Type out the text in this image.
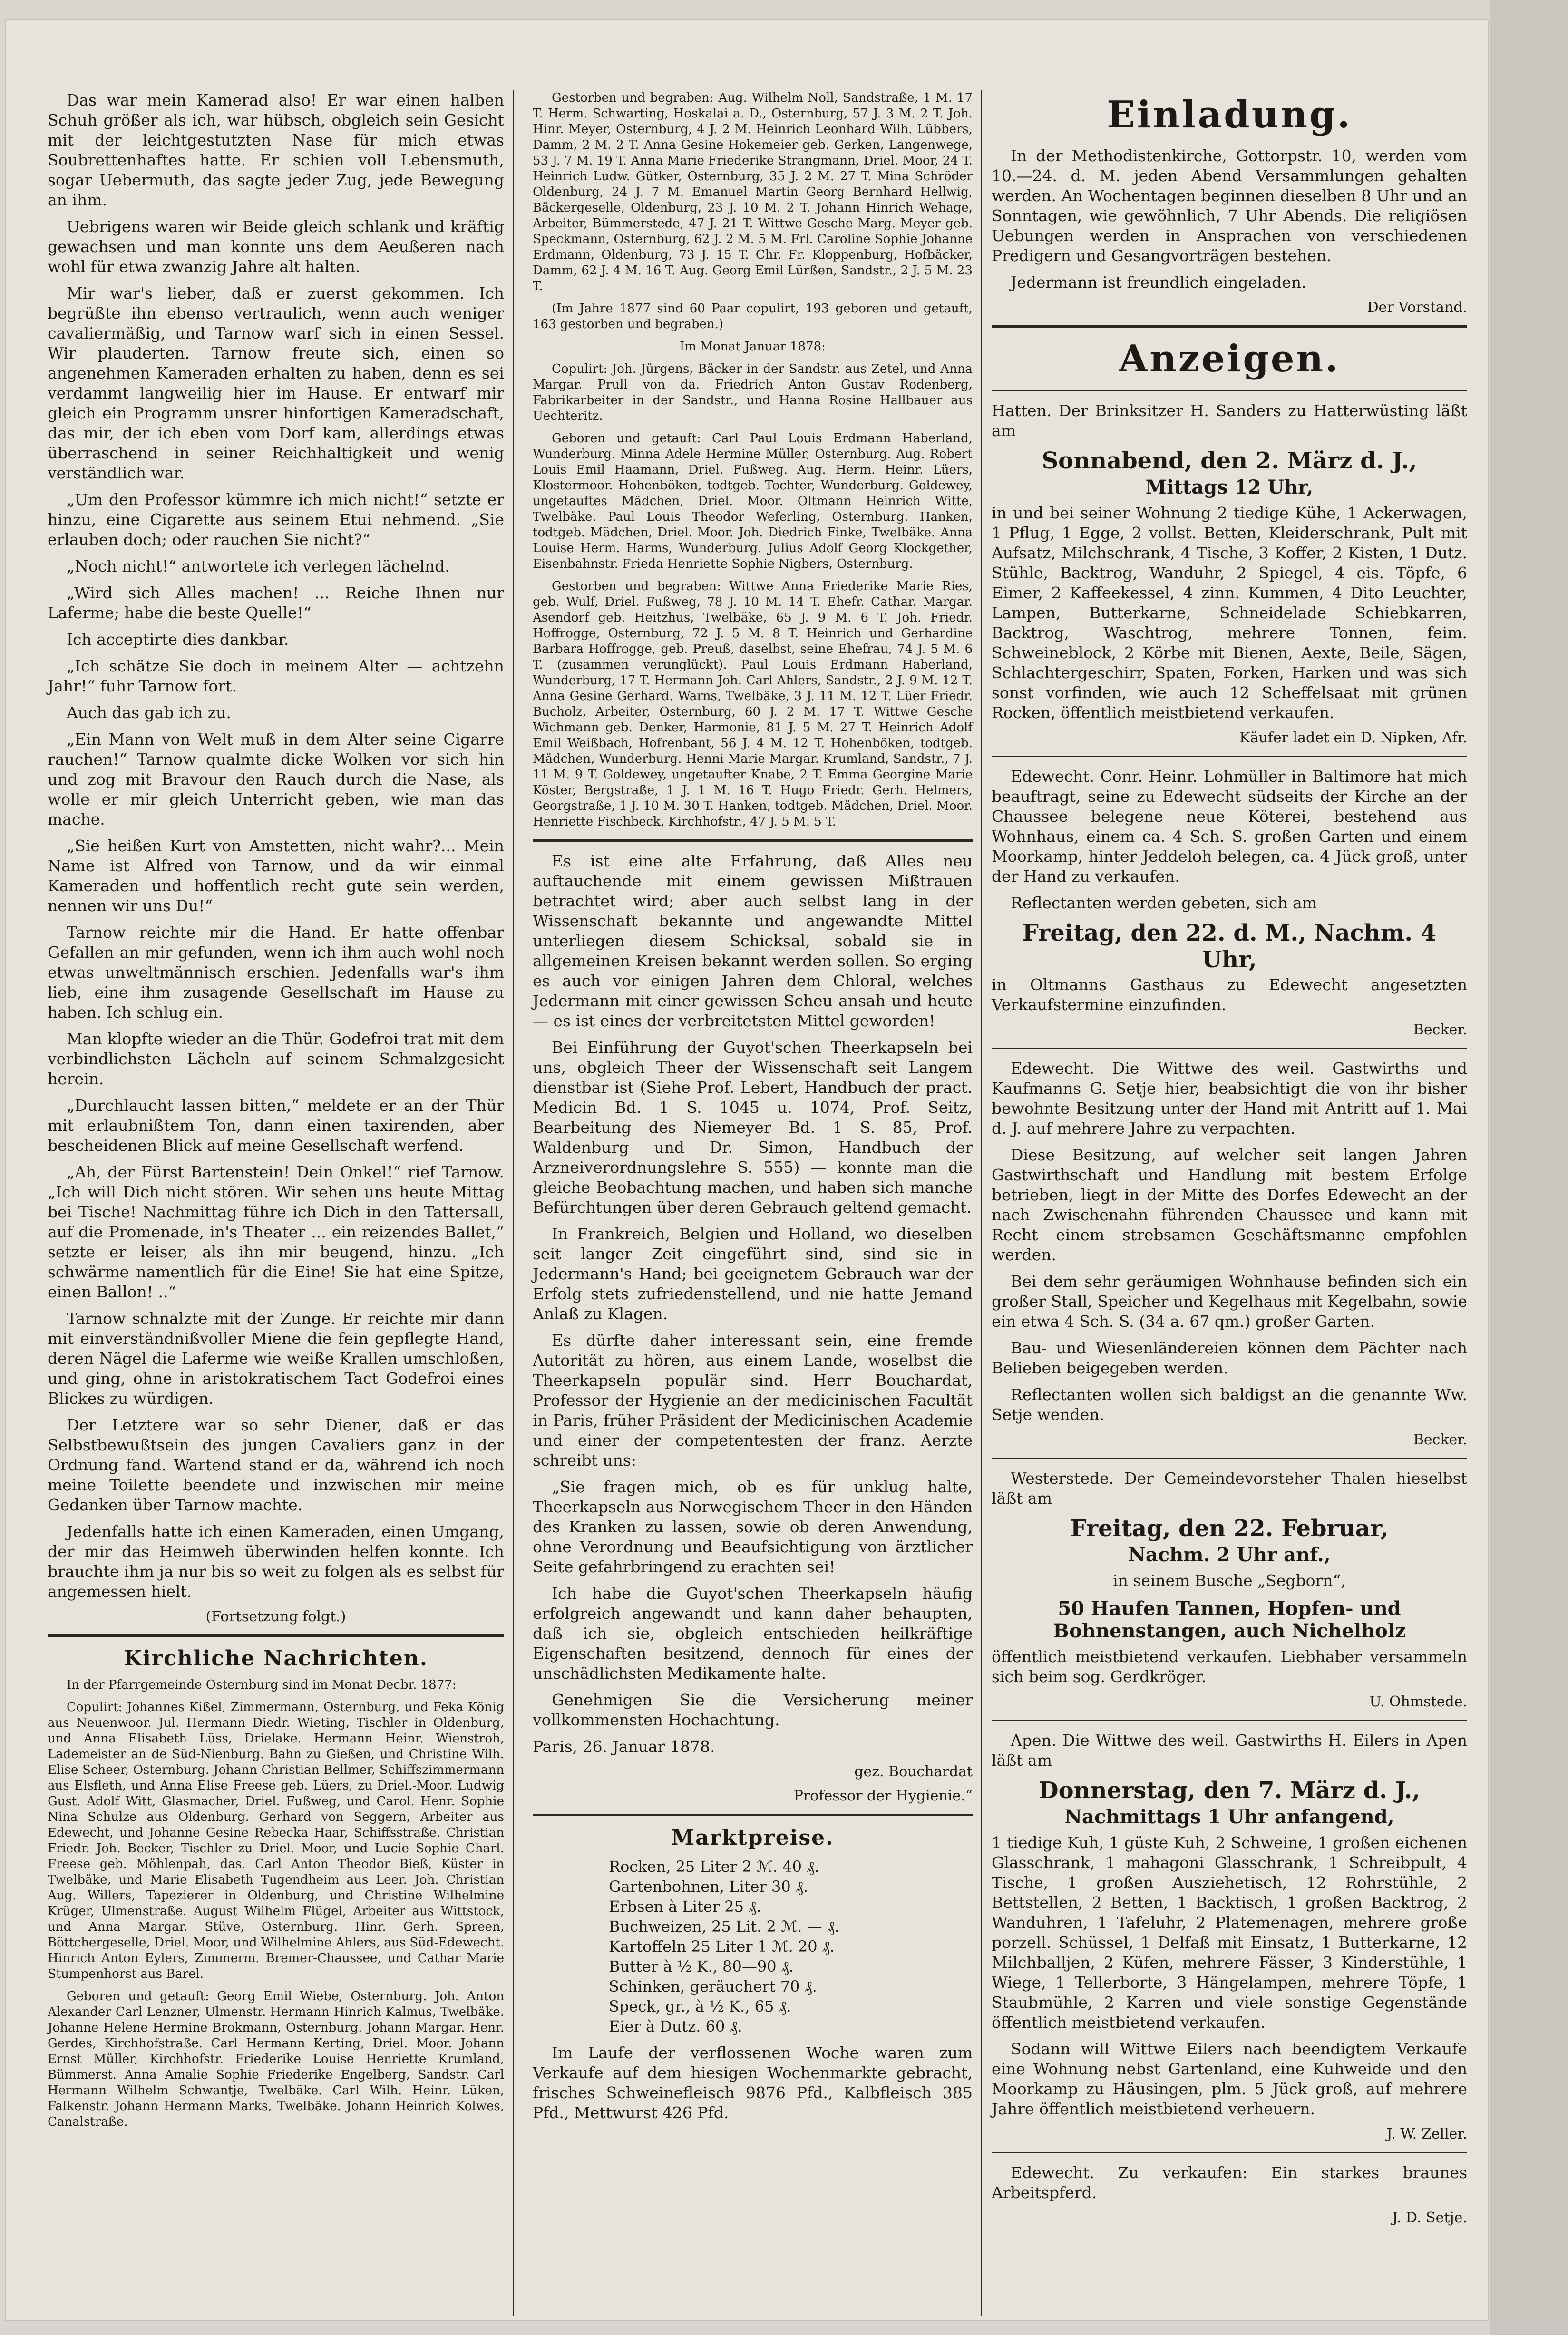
Das war mein Kamerad also! Er war einen halben Schuh größer als ich, war hübsch, obgleich sein Gesicht mit der leichtgestutzten Nase für mich etwas Soubrettenhaftes hatte. Er schien voll Lebensmuth, sogar Uebermuth, das sagte jeder Zug, jede Bewegung an ihm.

Uebrigens waren wir Beide gleich schlank und kräftig gewachsen und man konnte uns dem Aeußeren nach wohl für etwa zwanzig Jahre alt halten.

Mir war's lieber, daß er zuerst gekommen. Ich begrüßte ihn ebenso vertraulich, wenn auch weniger cavaliermäßig, und Tarnow warf sich in einen Sessel. Wir plauderten. Tarnow freute sich, einen so angenehmen Kameraden erhalten zu haben, denn es sei verdammt langweilig hier im Hause. Er entwarf mir gleich ein Programm unsrer hinfortigen Kameradschaft, das mir, der ich eben vom Dorf kam, allerdings etwas überraschend in seiner Reichhaltigkeit und wenig verständlich war.

„Um den Professor kümmre ich mich nicht!“ setzte er hinzu, eine Cigarette aus seinem Etui nehmend. „Sie erlauben doch; oder rauchen Sie nicht?“

„Noch nicht!“ antwortete ich verlegen lächelnd.

„Wird sich Alles machen! ... Reiche Ihnen nur Laferme; habe die beste Quelle!“

Ich acceptirte dies dankbar.

„Ich schätze Sie doch in meinem Alter — achtzehn Jahr!“ fuhr Tarnow fort.

Auch das gab ich zu.

„Ein Mann von Welt muß in dem Alter seine Cigarre rauchen!“ Tarnow qualmte dicke Wolken vor sich hin und zog mit Bravour den Rauch durch die Nase, als wolle er mir gleich Unterricht geben, wie man das mache.

„Sie heißen Kurt von Amstetten, nicht wahr?... Mein Name ist Alfred von Tarnow, und da wir einmal Kameraden und hoffentlich recht gute sein werden, nennen wir uns Du!“

Tarnow reichte mir die Hand. Er hatte offenbar Gefallen an mir gefunden, wenn ich ihm auch wohl noch etwas unweltmännisch erschien. Jedenfalls war's ihm lieb, eine ihm zusagende Gesellschaft im Hause zu haben. Ich schlug ein.

Man klopfte wieder an die Thür. Godefroi trat mit dem verbindlichsten Lächeln auf seinem Schmalzgesicht herein.

„Durchlaucht lassen bitten,“ meldete er an der Thür mit erlaubnißtem Ton, dann einen taxirenden, aber bescheidenen Blick auf meine Gesellschaft werfend.

„Ah, der Fürst Bartenstein! Dein Onkel!“ rief Tarnow. „Ich will Dich nicht stören. Wir sehen uns heute Mittag bei Tische! Nachmittag führe ich Dich in den Tattersall, auf die Promenade, in's Theater ... ein reizendes Ballet,“ setzte er leiser, als ihn mir beugend, hinzu. „Ich schwärme namentlich für die Eine! Sie hat eine Spitze, einen Ballon! ..“

Tarnow schnalzte mit der Zunge. Er reichte mir dann mit einverständnißvoller Miene die fein gepflegte Hand, deren Nägel die Laferme wie weiße Krallen umschloßen, und ging, ohne in aristokratischem Tact Godefroi eines Blickes zu würdigen.

Der Letztere war so sehr Diener, daß er das Selbstbewußtsein des jungen Cavaliers ganz in der Ordnung fand. Wartend stand er da, während ich noch meine Toilette beendete und inzwischen mir meine Gedanken über Tarnow machte.

Jedenfalls hatte ich einen Kameraden, einen Umgang, der mir das Heimweh überwinden helfen konnte. Ich brauchte ihm ja nur bis so weit zu folgen als es selbst für angemessen hielt.

(Fortsetzung folgt.)
Kirchliche Nachrichten.

In der Pfarrgemeinde Osternburg sind im Monat Decbr. 1877:

Copulirt: Johannes Kißel, Zimmermann, Osternburg, und Feka König aus Neuenwoor. Jul. Hermann Diedr. Wieting, Tischler in Oldenburg, und Anna Elisabeth Lüss, Drielake. Hermann Heinr. Wienstroh, Lademeister an de Süd-Nienburg. Bahn zu Gießen, und Christine Wilh. Elise Scheer, Osternburg. Johann Christian Bellmer, Schiffszimmermann aus Elsfleth, und Anna Elise Freese geb. Lüers, zu Driel.-Moor. Ludwig Gust. Adolf Witt, Glasmacher, Driel. Fußweg, und Carol. Henr. Sophie Nina Schulze aus Oldenburg. Gerhard von Seggern, Arbeiter aus Edewecht, und Johanne Gesine Rebecka Haar, Schiffsstraße. Christian Friedr. Joh. Becker, Tischler zu Driel. Moor, und Lucie Sophie Charl. Freese geb. Möhlenpah, das. Carl Anton Theodor Bieß, Küster in Twelbäke, und Marie Elisabeth Tugendheim aus Leer. Joh. Christian Aug. Willers, Tapezierer in Oldenburg, und Christine Wilhelmine Krüger, Ulmenstraße. August Wilhelm Flügel, Arbeiter aus Wittstock, und Anna Margar. Stüve, Osternburg. Hinr. Gerh. Spreen, Böttchergeselle, Driel. Moor, und Wilhelmine Ahlers, aus Süd-Edewecht. Hinrich Anton Eylers, Zimmerm. Bremer-Chaussee, und Cathar Marie Stumpenhorst aus Barel.

Geboren und getauft: Georg Emil Wiebe, Osternburg. Joh. Anton Alexander Carl Lenzner, Ulmenstr. Hermann Hinrich Kalmus, Twelbäke. Johanne Helene Hermine Brokmann, Osternburg. Johann Margar. Henr. Gerdes, Kirchhofstraße. Carl Hermann Kerting, Driel. Moor. Johann Ernst Müller, Kirchhofstr. Friederike Louise Henriette Krumland, Bümmerst. Anna Amalie Sophie Friederike Engelberg, Sandstr. Carl Hermann Wilhelm Schwantje, Twelbäke. Carl Wilh. Heinr. Lüken, Falkenstr. Johann Hermann Marks, Twelbäke. Johann Heinrich Kolwes, Canalstraße.

Gestorben und begraben: Aug. Wilhelm Noll, Sandstraße, 1 M. 17 T. Herm. Schwarting, Hoskalai a. D., Osternburg, 57 J. 3 M. 2 T. Joh. Hinr. Meyer, Osternburg, 4 J. 2 M. Heinrich Leonhard Wilh. Lübbers, Damm, 2 M. 2 T. Anna Gesine Hokemeier geb. Gerken, Langenwege, 53 J. 7 M. 19 T. Anna Marie Friederike Strangmann, Driel. Moor, 24 T. Heinrich Ludw. Gütker, Osternburg, 35 J. 2 M. 27 T. Mina Schröder Oldenburg, 24 J. 7 M. Emanuel Martin Georg Bernhard Hellwig, Bäckergeselle, Oldenburg, 23 J. 10 M. 2 T. Johann Hinrich Wehage, Arbeiter, Bümmerstede, 47 J. 21 T. Wittwe Gesche Marg. Meyer geb. Speckmann, Osternburg, 62 J. 2 M. 5 M. Frl. Caroline Sophie Johanne Erdmann, Oldenburg, 73 J. 15 T. Chr. Fr. Kloppenburg, Hofbäcker, Damm, 62 J. 4 M. 16 T. Aug. Georg Emil Lürßen, Sandstr., 2 J. 5 M. 23 T.

(Im Jahre 1877 sind 60 Paar copulirt, 193 geboren und getauft, 163 gestorben und begraben.)

Im Monat Januar 1878:

Copulirt: Joh. Jürgens, Bäcker in der Sandstr. aus Zetel, und Anna Margar. Prull von da. Friedrich Anton Gustav Rodenberg, Fabrikarbeiter in der Sandstr., und Hanna Rosine Hallbauer aus Uechteritz.

Geboren und getauft: Carl Paul Louis Erdmann Haberland, Wunderburg. Minna Adele Hermine Müller, Osternburg. Aug. Robert Louis Emil Haamann, Driel. Fußweg. Aug. Herm. Heinr. Lüers, Klostermoor. Hohenböken, todtgeb. Tochter, Wunderburg. Goldewey, ungetauftes Mädchen, Driel. Moor. Oltmann Heinrich Witte, Twelbäke. Paul Louis Theodor Weferling, Osternburg. Hanken, todtgeb. Mädchen, Driel. Moor. Joh. Diedrich Finke, Twelbäke. Anna Louise Herm. Harms, Wunderburg. Julius Adolf Georg Klockgether, Eisenbahnstr. Frieda Henriette Sophie Nigbers, Osternburg.

Gestorben und begraben: Wittwe Anna Friederike Marie Ries, geb. Wulf, Driel. Fußweg, 78 J. 10 M. 14 T. Ehefr. Cathar. Margar. Asendorf geb. Heitzhus, Twelbäke, 65 J. 9 M. 6 T. Joh. Friedr. Hoffrogge, Osternburg, 72 J. 5 M. 8 T. Heinrich und Gerhardine Barbara Hoffrogge, geb. Preuß, daselbst, seine Ehefrau, 74 J. 5 M. 6 T. (zusammen verunglückt). Paul Louis Erdmann Haberland, Wunderburg, 17 T. Hermann Joh. Carl Ahlers, Sandstr., 2 J. 9 M. 12 T. Anna Gesine Gerhard. Warns, Twelbäke, 3 J. 11 M. 12 T. Lüer Friedr. Bucholz, Arbeiter, Osternburg, 60 J. 2 M. 17 T. Wittwe Gesche Wichmann geb. Denker, Harmonie, 81 J. 5 M. 27 T. Heinrich Adolf Emil Weißbach, Hofrenbant, 56 J. 4 M. 12 T. Hohenböken, todtgeb. Mädchen, Wunderburg. Henni Marie Margar. Krumland, Sandstr., 7 J. 11 M. 9 T. Goldewey, ungetaufter Knabe, 2 T. Emma Georgine Marie Köster, Bergstraße, 1 J. 1 M. 16 T. Hugo Friedr. Gerh. Helmers, Georgstraße, 1 J. 10 M. 30 T. Hanken, todtgeb. Mädchen, Driel. Moor. Henriette Fischbeck, Kirchhofstr., 47 J. 5 M. 5 T.

Es ist eine alte Erfahrung, daß Alles neu auftauchende mit einem gewissen Mißtrauen betrachtet wird; aber auch selbst lang in der Wissenschaft bekannte und angewandte Mittel unterliegen diesem Schicksal, sobald sie in allgemeinen Kreisen bekannt werden sollen. So erging es auch vor einigen Jahren dem Chloral, welches Jedermann mit einer gewissen Scheu ansah und heute — es ist eines der verbreitetsten Mittel geworden!

Bei Einführung der Guyot'schen Theerkapseln bei uns, obgleich Theer der Wissenschaft seit Langem dienstbar ist (Siehe Prof. Lebert, Handbuch der pract. Medicin Bd. 1 S. 1045 u. 1074, Prof. Seitz, Bearbeitung des Niemeyer Bd. 1 S. 85, Prof. Waldenburg und Dr. Simon, Handbuch der Arzneiverordnungslehre S. 555) — konnte man die gleiche Beobachtung machen, und haben sich manche Befürchtungen über deren Gebrauch geltend gemacht.

In Frankreich, Belgien und Holland, wo dieselben seit langer Zeit eingeführt sind, sind sie in Jedermann's Hand; bei geeignetem Gebrauch war der Erfolg stets zufriedenstellend, und nie hatte Jemand Anlaß zu Klagen.

Es dürfte daher interessant sein, eine fremde Autorität zu hören, aus einem Lande, woselbst die Theerkapseln populär sind. Herr Bouchardat, Professor der Hygienie an der medicinischen Facultät in Paris, früher Präsident der Medicinischen Academie und einer der competentesten der franz. Aerzte schreibt uns:

„Sie fragen mich, ob es für unklug halte, Theerkapseln aus Norwegischem Theer in den Händen des Kranken zu lassen, sowie ob deren Anwendung, ohne Verordnung und Beaufsichtigung von ärztlicher Seite gefahrbringend zu erachten sei!

Ich habe die Guyot'schen Theerkapseln häufig erfolgreich angewandt und kann daher behaupten, daß ich sie, obgleich entschieden heilkräftige Eigenschaften besitzend, dennoch für eines der unschädlichsten Medikamente halte.

Genehmigen Sie die Versicherung meiner vollkommensten Hochachtung.

Paris, 26. Januar 1878.

gez. Bouchardat
Professor der Hygienie.“
Marktpreise.

Rocken, 25 Liter 2 ℳ. 40 ₰.

Gartenbohnen, Liter 30 ₰.

Erbsen à Liter 25 ₰.

Buchweizen, 25 Lit. 2 ℳ. — ₰.

Kartoffeln 25 Liter 1 ℳ. 20 ₰.

Butter à ½ K., 80—90 ₰.

Schinken, geräuchert 70 ₰.

Speck, gr., à ½ K., 65 ₰.

Eier à Dutz. 60 ₰.

Im Laufe der verflossenen Woche waren zum Verkaufe auf dem hiesigen Wochenmarkte gebracht, frisches Schweinefleisch 9876 Pfd., Kalbfleisch 385 Pfd., Mettwurst 426 Pfd.

Einladung.

In der Methodistenkirche, Gottorpstr. 10, werden vom 10.—24. d. M. jeden Abend Versammlungen gehalten werden. An Wochentagen beginnen dieselben 8 Uhr und an Sonntagen, wie gewöhnlich, 7 Uhr Abends. Die religiösen Uebungen werden in Ansprachen von verschiedenen Predigern und Gesangvorträgen bestehen.

Jedermann ist freundlich eingeladen.

Der Vorstand.
Anzeigen.

Hatten. Der Brinksitzer H. Sanders zu Hatterwüsting läßt am

Sonnabend, den 2. März d. J.,
Mittags 12 Uhr,

in und bei seiner Wohnung 2 tiedige Kühe, 1 Ackerwagen, 1 Pflug, 1 Egge, 2 vollst. Betten, Kleiderschrank, Pult mit Aufsatz, Milchschrank, 4 Tische, 3 Koffer, 2 Kisten, 1 Dutz. Stühle, Backtrog, Wanduhr, 2 Spiegel, 4 eis. Töpfe, 6 Eimer, 2 Kaffeekessel, 4 zinn. Kummen, 4 Dito Leuchter, Lampen, Butterkarne, Schneidelade Schiebkarren, Backtrog, Waschtrog, mehrere Tonnen, feim. Schweineblock, 2 Körbe mit Bienen, Aexte, Beile, Sägen, Schlachtergeschirr, Spaten, Forken, Harken und was sich sonst vorfinden, wie auch 12 Scheffelsaat mit grünen Rocken, öffentlich meistbietend verkaufen.

Käufer ladet ein D. Nipken, Afr.

Edewecht. Conr. Heinr. Lohmüller in Baltimore hat mich beauftragt, seine zu Edewecht südseits der Kirche an der Chaussee belegene neue Köterei, bestehend aus Wohnhaus, einem ca. 4 Sch. S. großen Garten und einem Moorkamp, hinter Jeddeloh belegen, ca. 4 Jück groß, unter der Hand zu verkaufen.

Reflectanten werden gebeten, sich am

Freitag, den 22. d. M., Nachm. 4 Uhr,

in Oltmanns Gasthaus zu Edewecht angesetzten Verkaufstermine einzufinden.

Becker.

Edewecht. Die Wittwe des weil. Gastwirths und Kaufmanns G. Setje hier, beabsichtigt die von ihr bisher bewohnte Besitzung unter der Hand mit Antritt auf 1. Mai d. J. auf mehrere Jahre zu verpachten.

Diese Besitzung, auf welcher seit langen Jahren Gastwirthschaft und Handlung mit bestem Erfolge betrieben, liegt in der Mitte des Dorfes Edewecht an der nach Zwischenahn führenden Chaussee und kann mit Recht einem strebsamen Geschäftsmanne empfohlen werden.

Bei dem sehr geräumigen Wohnhause befinden sich ein großer Stall, Speicher und Kegelhaus mit Kegelbahn, sowie ein etwa 4 Sch. S. (34 a. 67 qm.) großer Garten.

Bau- und Wiesenländereien können dem Pächter nach Belieben beigegeben werden.

Reflectanten wollen sich baldigst an die genannte Ww. Setje wenden.

Becker.

Westerstede. Der Gemeindevorsteher Thalen hieselbst läßt am

Freitag, den 22. Februar,
Nachm. 2 Uhr anf.,

in seinem Busche „Segborn“,

50 Haufen Tannen, Hopfen- und Bohnenstangen, auch Nichelholz

öffentlich meistbietend verkaufen. Liebhaber versammeln sich beim sog. Gerdkröger.

U. Ohmstede.

Apen. Die Wittwe des weil. Gastwirths H. Eilers in Apen läßt am

Donnerstag, den 7. März d. J.,
Nachmittags 1 Uhr anfangend,

1 tiedige Kuh, 1 güste Kuh, 2 Schweine, 1 großen eichenen Glasschrank, 1 mahagoni Glasschrank, 1 Schreibpult, 4 Tische, 1 großen Ausziehetisch, 12 Rohrstühle, 2 Bettstellen, 2 Betten, 1 Backtisch, 1 großen Backtrog, 2 Wanduhren, 1 Tafeluhr, 2 Platemenagen, mehrere große porzell. Schüssel, 1 Delfaß mit Einsatz, 1 Butterkarne, 12 Milchballjen, 2 Küfen, mehrere Fässer, 3 Kinderstühle, 1 Wiege, 1 Tellerborte, 3 Hängelampen, mehrere Töpfe, 1 Staubmühle, 2 Karren und viele sonstige Gegenstände öffentlich meistbietend verkaufen.

Sodann will Wittwe Eilers nach beendigtem Verkaufe eine Wohnung nebst Gartenland, eine Kuhweide und den Moorkamp zu Häusingen, plm. 5 Jück groß, auf mehrere Jahre öffentlich meistbietend verheuern.

J. W. Zeller.

Edewecht. Zu verkaufen: Ein starkes braunes Arbeitspferd.

J. D. Setje.
